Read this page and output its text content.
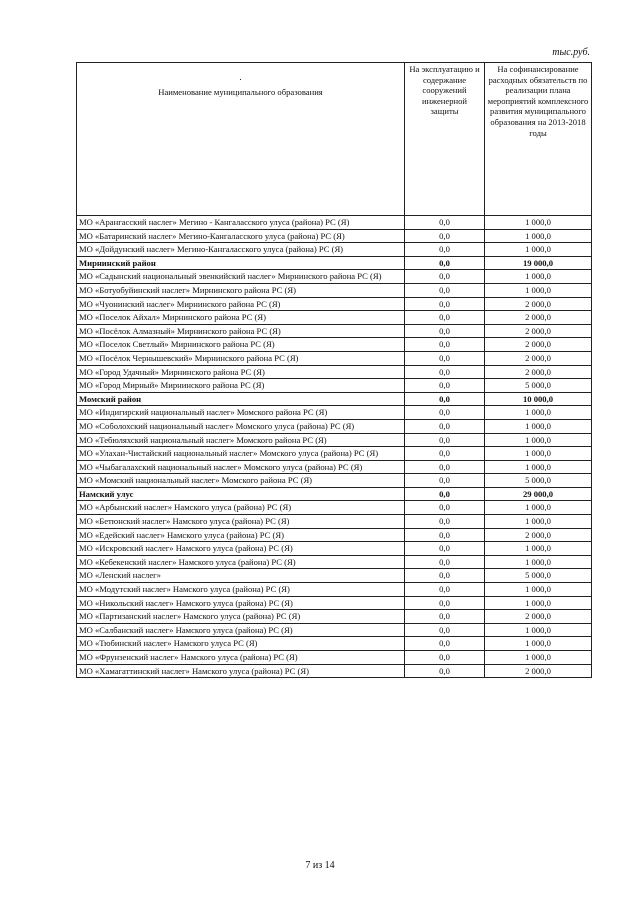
тыс.руб.
.
Наименование муниципального образования	На эксплуатацию и содержание сооружений инженерной защиты	На софинансирование расходных обязательств по реализации плана мероприятий комплексного развития муниципального образования на 2013-2018 годы
МО «Арангасский наслег» Мегино - Кангаласского улуса (района) РС (Я)	0,0	1 000,0
МО «Батаринский наслег» Мегино-Кангаласского улуса (района) РС (Я)	0,0	1 000,0
МО «Дойдунский наслег» Мегино-Кангаласского улуса (района) РС (Я)	0,0	1 000,0
Мирнинский район	0,0	19 000,0
МО «Садынский национальный эвенкийский наслег» Мирнинского района РС (Я)	0,0	1 000,0
МО «Ботуобуйинский наслег» Мирнинского района РС (Я)	0,0	1 000,0
МО «Чуонинский наслег» Мирнинского района РС (Я)	0,0	2 000,0
МО «Поселок Айхал» Мирнинского района РС (Я)	0,0	2 000,0
МО «Посёлок Алмазный» Мирнинского района РС (Я)	0,0	2 000,0
МО «Поселок Светлый» Мирнинского района РС (Я)	0,0	2 000,0
МО «Посёлок Чернышевский» Мирнинского района РС (Я)	0,0	2 000,0
МО «Город Удачный» Мирнинского района РС (Я)	0,0	2 000,0
МО «Город Мирный» Мирнинского района РС (Я)	0,0	5 000,0
Момский район	0,0	10 000,0
МО «Индигирский национальный наслег» Момского района РС (Я)	0,0	1 000,0
МО «Соболохский национальный наслег» Момского улуса (района) РС (Я)	0,0	1 000,0
МО «Тебюляхский национальный наслег» Момского района РС (Я)	0,0	1 000,0
МО «Улахан-Чистайский национальный наслег» Момского улуса (района) РС (Я)	0,0	1 000,0
МО «Чыбагалахский национальный наслег» Момского улуса (района) РС (Я)	0,0	1 000,0
МО «Момский национальный наслег» Момского района РС (Я)	0,0	5 000,0
Намский улус	0,0	29 000,0
МО «Арбынский наслег» Намского улуса (района) РС (Я)	0,0	1 000,0
МО «Бетюнский наслег» Намского улуса (района) РС (Я)	0,0	1 000,0
МО «Едейский наслег» Намского улуса (района) РС (Я)	0,0	2 000,0
МО «Искровский наслег» Намского улуса (района) РС (Я)	0,0	1 000,0
МО «Кебекенский наслег» Намского улуса (района) РС (Я)	0,0	1 000,0
МО «Ленский наслег»	0,0	5 000,0
МО «Модутский наслег» Намского улуса (района) РС (Я)	0,0	1 000,0
МО «Никольский наслег» Намского улуса (района) РС (Я)	0,0	1 000,0
МО «Партизанский наслег» Намского улуса (района) РС (Я)	0,0	2 000,0
МО «Салбанский наслег» Намского улуса (района) РС (Я)	0,0	1 000,0
МО «Тюбинский наслег» Намского улуса РС (Я)	0,0	1 000,0
МО «Фрунзенский наслег» Намского улуса (района) РС (Я)	0,0	1 000,0
МО «Хамагаттинский наслег» Намского улуса (района) РС (Я)	0,0	2 000,0
7 из 14
